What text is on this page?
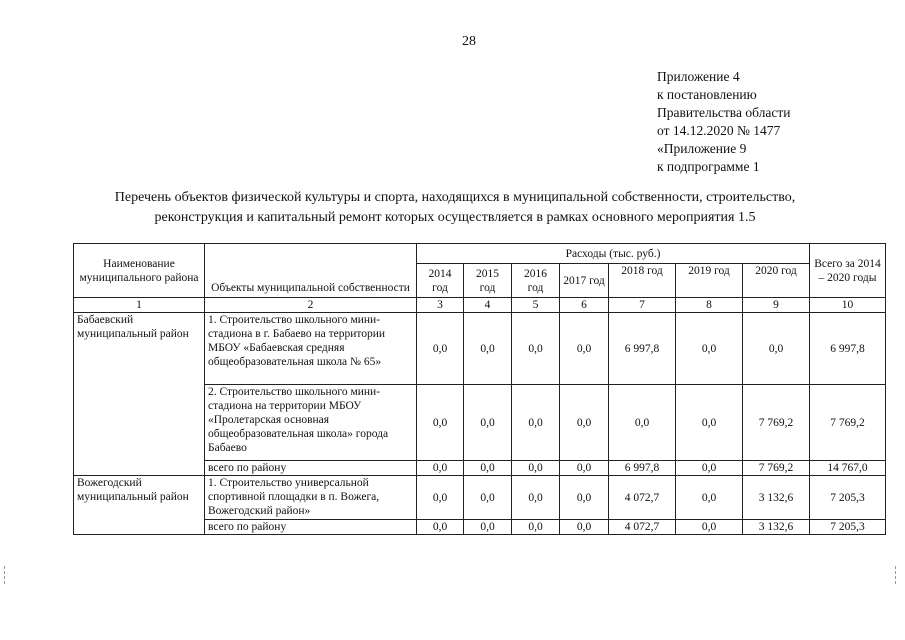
28
Приложение 4
к постановлению
Правительства области
от 14.12.2020 № 1477
«Приложение 9
к подпрограмме 1
Перечень объектов физической культуры и спорта, находящихся в муниципальной собственности, строительство,
реконструкция и капитальный ремонт которых осуществляется в рамках основного мероприятия 1.5
Наименование муниципального района	Объекты муниципальной собственности	Расходы (тыс. руб.)							Всего за 2014 – 2020 годы
		2014 год	2015 год	2016 год	2017 год	2018 год	2019 год	2020 год	
1	2	3	4	5	6	7	8	9	10
Бабаевский муниципальный район	1. Строительство школьного мини-стадиона в г. Бабаево на территории МБОУ «Бабаевская средняя общеобразовательная школа № 65»	0,0	0,0	0,0	0,0	6 997,8	0,0	0,0	6 997,8
	2. Строительство школьного мини-стадиона на территории МБОУ «Пролетарская основная общеобразовательная школа» города Бабаево	0,0	0,0	0,0	0,0	0,0	0,0	7 769,2	7 769,2
	всего по району	0,0	0,0	0,0	0,0	6 997,8	0,0	7 769,2	14 767,0
Вожегодский муниципальный район	1. Строительство универсальной спортивной площадки в п. Вожега, Вожегодский район»	0,0	0,0	0,0	0,0	4 072,7	0,0	3 132,6	7 205,3
	всего по району	0,0	0,0	0,0	0,0	4 072,7	0,0	3 132,6	7 205,3
